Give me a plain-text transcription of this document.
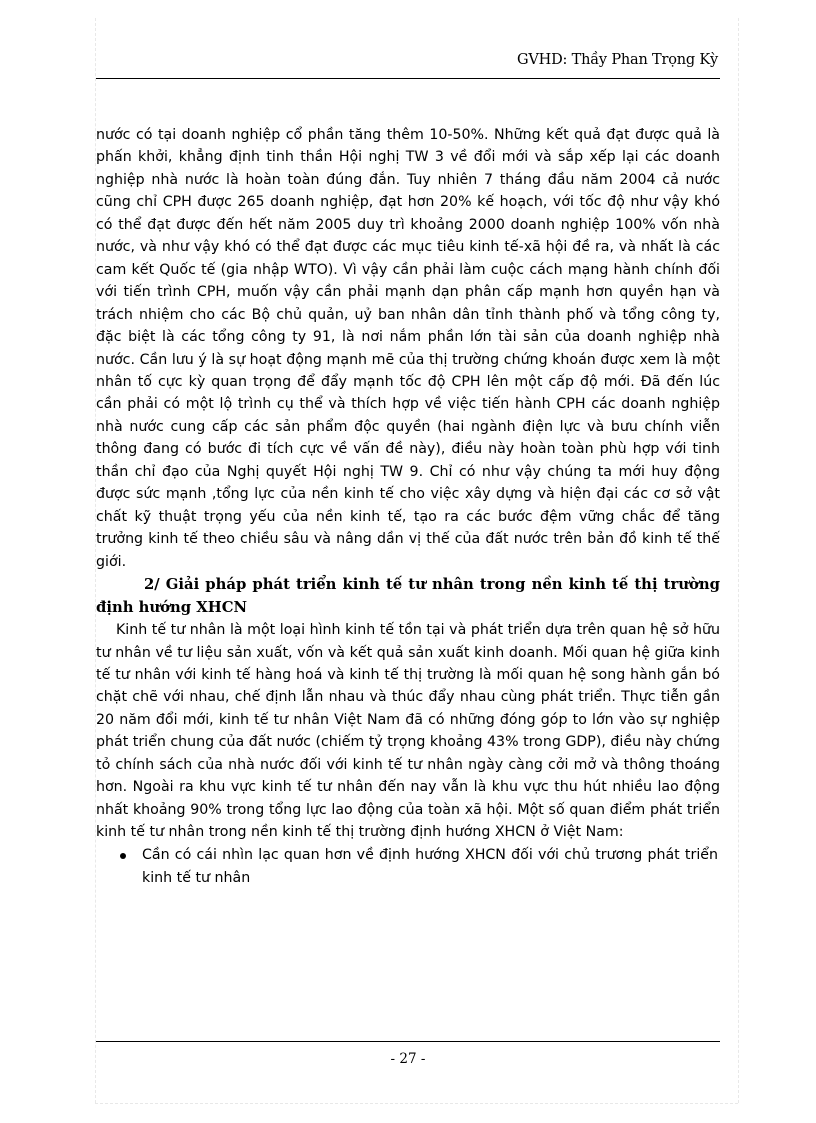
GVHD: Thầy Phan Trọng Kỳ

nước có tại doanh nghiệp cổ phần tăng thêm 10-50%. Những kết quả đạt được quả là phấn khởi, khẳng định tinh thần Hội nghị TW 3 về đổi mới và sắp xếp lại các doanh nghiệp nhà nước là hoàn toàn đúng đắn. Tuy nhiên 7 tháng đầu năm 2004 cả nước cũng chỉ CPH được 265 doanh nghiệp, đạt hơn 20% kế hoạch, với tốc độ như vậy khó có thể đạt được đến hết năm 2005 duy trì khoảng 2000 doanh nghiệp 100% vốn nhà nước, và như vậy khó có thể đạt được các mục tiêu kinh tế-xã hội đề ra, và nhất là các cam kết Quốc tế (gia nhập WTO). Vì vậy cần phải làm cuộc cách mạng hành chính đối với tiến trình CPH, muốn vậy cần phải mạnh dạn phân cấp mạnh hơn quyền hạn và trách nhiệm cho các Bộ chủ quản, uỷ ban nhân dân tỉnh thành phố và tổng công ty, đặc biệt là các tổng công ty 91, là nơi nắm phần lớn tài sản của doanh nghiệp nhà nước. Cần lưu ý là sự hoạt động mạnh mẽ của thị trường chứng khoán được xem là một nhân tố cực kỳ quan trọng để đẩy mạnh tốc độ CPH lên một cấp độ mới. Đã đến lúc cần phải có một lộ trình cụ thể và thích hợp về việc tiến hành CPH các doanh nghiệp nhà nước cung cấp các sản phẩm độc quyền (hai ngành điện lực và bưu chính viễn thông đang có bước đi tích cực về vấn đề này), điều này hoàn toàn phù hợp với tinh thần chỉ đạo của Nghị quyết Hội nghị TW 9. Chỉ có như vậy chúng ta mới huy động được sức mạnh ,tổng lực của nền kinh tế cho việc xây dựng và hiện đại các cơ sở vật chất kỹ thuật trọng yếu của nền kinh tế, tạo ra các bước đệm vững chắc để tăng trưởng kinh tế theo chiều sâu và nâng dần vị thế của đất nước trên bản đồ kinh tế thế giới.

2/ Giải pháp phát triển kinh tế tư nhân trong nền kinh tế thị trường định hướng XHCN

Kinh tế tư nhân là một loại hình kinh tế tồn tại và phát triển dựa trên quan hệ sở hữu tư nhân về tư liệu sản xuất, vốn và kết quả sản xuất kinh doanh. Mối quan hệ giữa kinh tế tư nhân với kinh tế hàng hoá và kinh tế thị trường là mối quan hệ song hành gắn bó chặt chẽ với nhau, chế định lẫn nhau và thúc đẩy nhau cùng phát triển. Thực tiễn gần 20 năm đổi mới, kinh tế tư nhân Việt Nam đã có những đóng góp to lớn vào sự nghiệp phát triển chung của đất nước (chiếm tỷ trọng khoảng 43% trong GDP), điều này chứng tỏ chính sách của nhà nước đối với kinh tế tư nhân ngày càng cởi mở và thông thoáng hơn. Ngoài ra khu vực kinh tế tư nhân đến nay vẫn là khu vực thu hút nhiều lao động nhất khoảng 90% trong tổng lực lao động của toàn xã hội. Một số quan điểm phát triển kinh tế tư nhân trong nền kinh tế thị trường định hướng XHCN ở Việt Nam:

Cần có cái nhìn lạc quan hơn về định hướng XHCN đối với chủ trương phát triển kinh tế tư nhân
- 27 -
